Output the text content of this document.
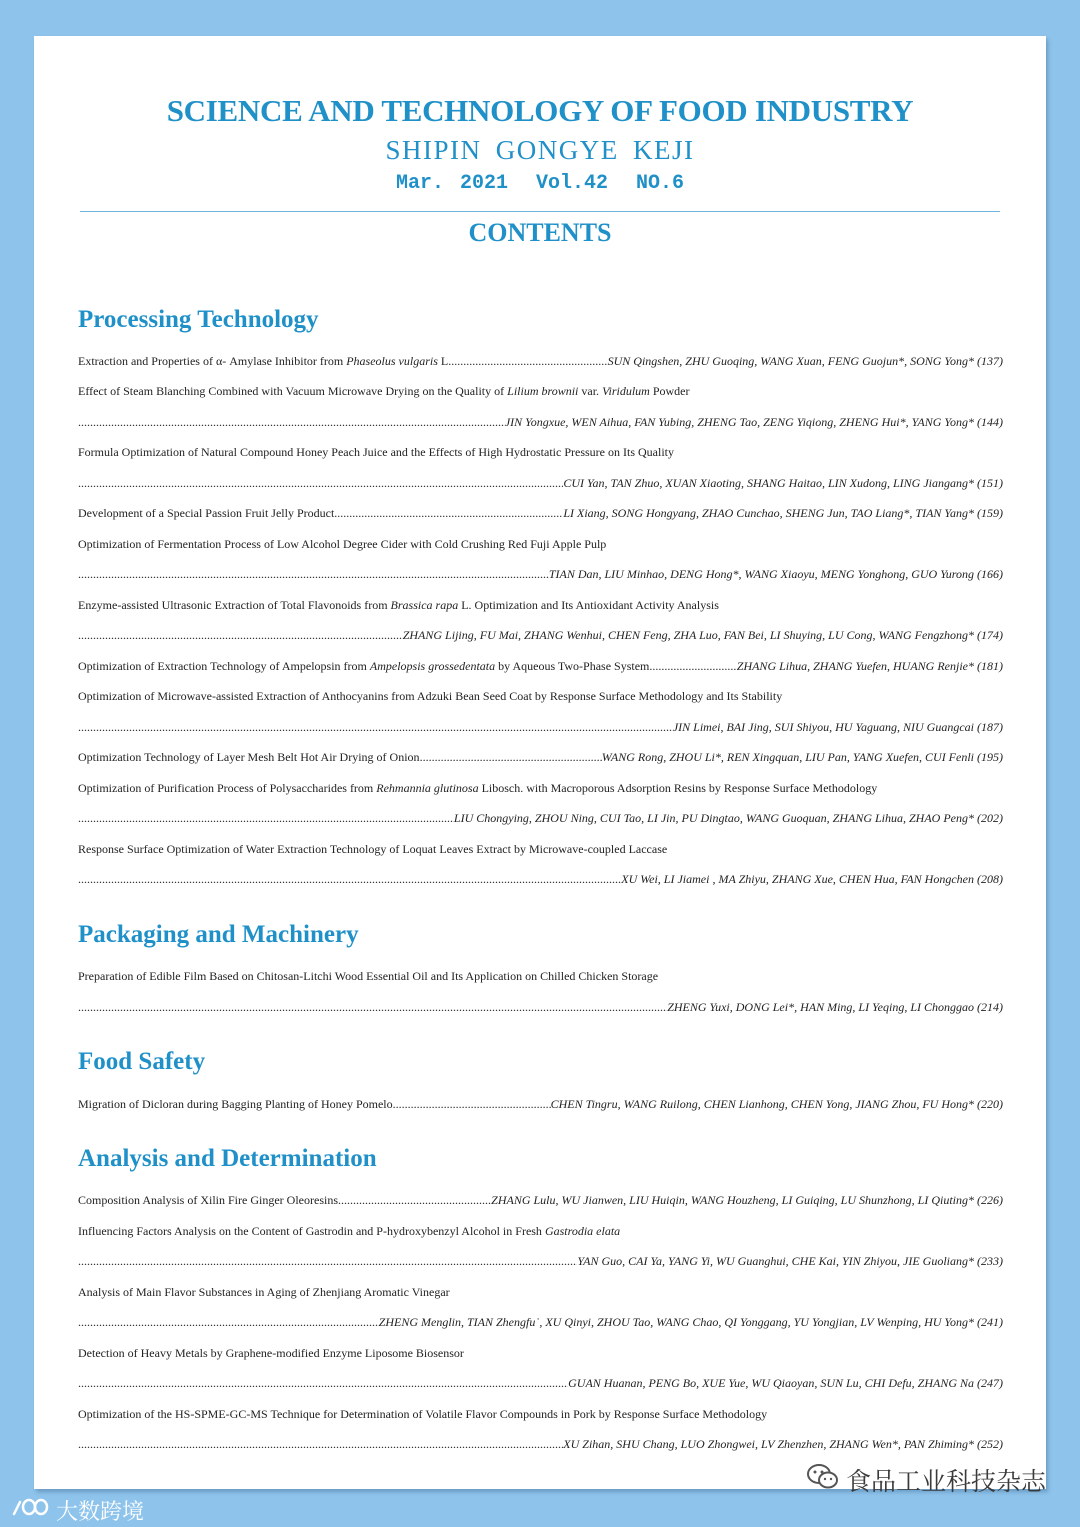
SCIENCE AND TECHNOLOGY OF FOOD INDUSTRY
SHIPIN GONGYE KEJI
Mar. 2021 Vol.42 NO.6
CONTENTS
Processing Technology
Extraction and Properties of α- Amylase Inhibitor from Phaseolus vulgaris L .....	SUN Qingshen, ZHU Guoqing, WANG Xuan, FENG Guojun*, SONG Yong* (137)
Effect of Steam Blanching Combined with Vacuum Microwave Drying on the Quality of Lilium brownii var. Viridulum Powder
.....
JIN Yongxue, WEN Aihua, FAN Yubing, ZHENG Tao, ZENG Yiqiong, ZHENG Hui*, YANG Yong* (144)
Formula Optimization of Natural Compound Honey Peach Juice and the Effects of High Hydrostatic Pressure on Its Quality
.....
CUI Yan, TAN Zhuo, XUAN Xiaoting, SHANG Haitao, LIN Xudong, LING Jiangang* (151)
Development of a Special Passion Fruit Jelly Product .....	LI Xiang, SONG Hongyang, ZHAO Cunchao, SHENG Jun, TAO Liang*, TIAN Yang* (159)
Optimization of Fermentation Process of Low Alcohol Degree Cider with Cold Crushing Red Fuji Apple Pulp
.....
TIAN Dan, LIU Minhao, DENG Hong*, WANG Xiaoyu, MENG Yonghong, GUO Yurong (166)
Enzyme-assisted Ultrasonic Extraction of Total Flavonoids from Brassica rapa L. Optimization and Its Antioxidant Activity Analysis
.....
ZHANG Lijing, FU Mai, ZHANG Wenhui, CHEN Feng, ZHA Luo, FAN Bei, LI Shuying, LU Cong, WANG Fengzhong* (174)
Optimization of Extraction Technology of Ampelopsin from Ampelopsis grossedentata by Aqueous Two-Phase System .....	ZHANG Lihua, ZHANG Yuefen, HUANG Renjie* (181)
Optimization of Microwave-assisted Extraction of Anthocyanins from Adzuki Bean Seed Coat by Response Surface Methodology and Its Stability
.....
JIN Limei, BAI Jing, SUI Shiyou, HU Yaguang, NIU Guangcai (187)
Optimization Technology of Layer Mesh Belt Hot Air Drying of Onion .....	WANG Rong, ZHOU Li*, REN Xingquan, LIU Pan, YANG Xuefen, CUI Fenli (195)
Optimization of Purification Process of Polysaccharides from Rehmannia glutinosa Libosch. with Macroporous Adsorption Resins by Response Surface Methodology
.....
LIU Chongying, ZHOU Ning, CUI Tao, LI Jin, PU Dingtao, WANG Guoquan, ZHANG Lihua, ZHAO Peng* (202)
Response Surface Optimization of Water Extraction Technology of Loquat Leaves Extract by Microwave-coupled Laccase
.....
XU Wei, LI Jiamei , MA Zhiyu, ZHANG Xue, CHEN Hua, FAN Hongchen (208)
Packaging and Machinery
Preparation of Edible Film Based on Chitosan-Litchi Wood Essential Oil and Its Application on Chilled Chicken Storage
.....
ZHENG Yuxi, DONG Lei*, HAN Ming, LI Yeqing, LI Chonggao (214)
Food Safety
Migration of Dicloran during Bagging Planting of Honey Pomelo .....	CHEN Tingru, WANG Ruilong, CHEN Lianhong, CHEN Yong, JIANG Zhou, FU Hong* (220)
Analysis and Determination
Composition Analysis of Xilin Fire Ginger Oleoresins .....	ZHANG Lulu, WU Jianwen, LIU Huiqin, WANG Houzheng, LI Guiqing, LU Shunzhong, LI Qiuting* (226)
Influencing Factors Analysis on the Content of Gastrodin and P-hydroxybenzyl Alcohol in Fresh Gastrodia elata
.....
YAN Guo, CAI Ya, YANG Yi, WU Guanghui, CHE Kai, YIN Zhiyou, JIE Guoliang* (233)
Analysis of Main Flavor Substances in Aging of Zhenjiang Aromatic Vinegar
.....
ZHENG Menglin, TIAN Zhengfu˙, XU Qinyi, ZHOU Tao, WANG Chao, QI Yonggang, YU Yongjian, LV Wenping, HU Yong* (241)
Detection of Heavy Metals by Graphene-modified Enzyme Liposome Biosensor
.....
GUAN Huanan, PENG Bo, XUE Yue, WU Qiaoyan, SUN Lu, CHI Defu, ZHANG Na (247)
Optimization of the HS-SPME-GC-MS Technique for Determination of Volatile Flavor Compounds in Pork by Response Surface Methodology
.....
XU Zihan, SHU Chang, LUO Zhongwei, LV Zhenzhen, ZHANG Wen*, PAN Zhiming* (252)
食品工业科技杂志
大数跨境
